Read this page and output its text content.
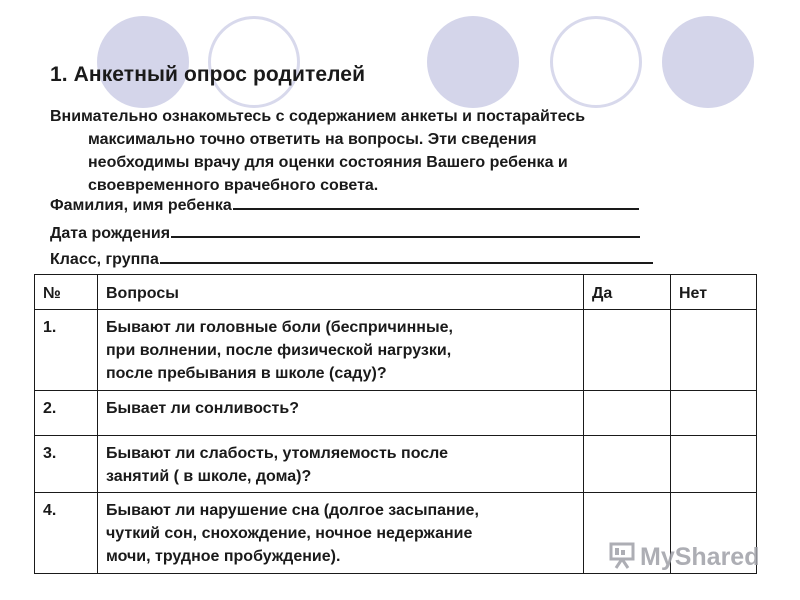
1. Анкетный опрос родителей
Внимательно ознакомьтесь с содержанием анкеты и постарайтесь
максимально точно ответить на вопросы. Эти сведения
необходимы врачу для оценки состояния Вашего ребенка и
своевременного врачебного совета.
Фамилия, имя ребенка
Дата рождения
Класс, группа
№	Вопросы	Да	Нет
1.	Бывают ли головные боли (беспричинные,
при волнении, после физической нагрузки,
после пребывания в школе (саду)?		

2.	Бывает ли сонливость?		

3.	Бывают ли слабость, утомляемость после
занятий ( в школе, дома)?		

4.	Бывают ли нарушение сна (долгое засыпание,
чуткий сон, снохождение, ночное недержание
мочи, трудное пробуждение).		
			MyShared
